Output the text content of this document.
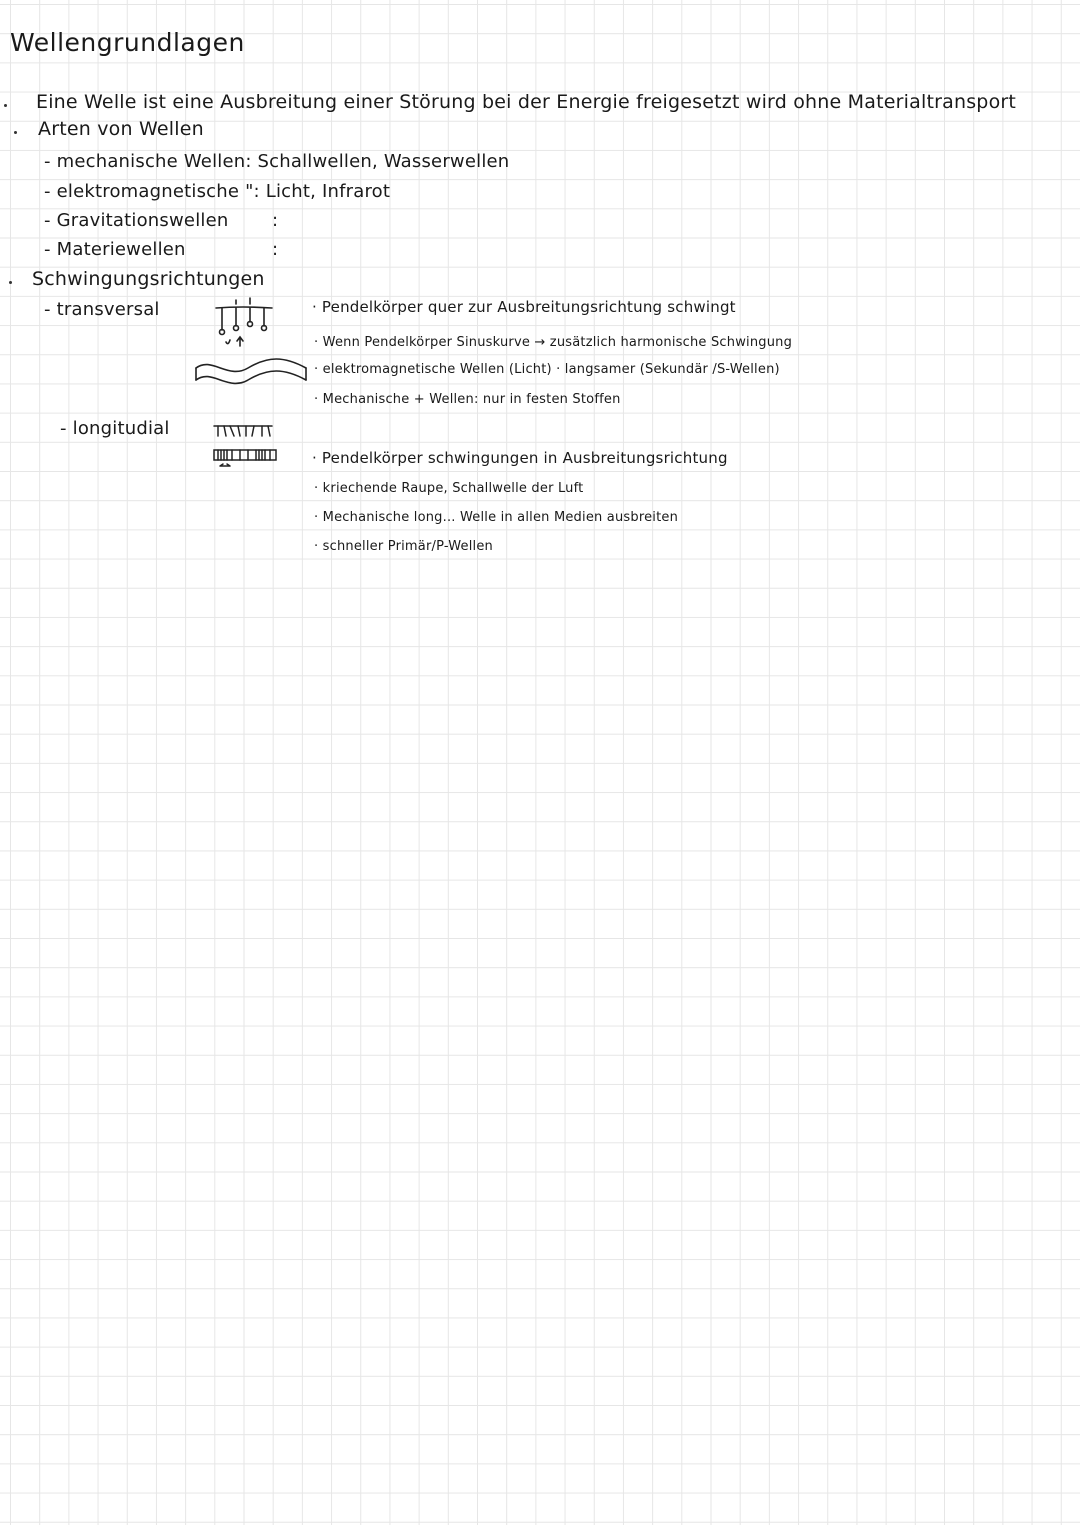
Wellengrundlagen
Eine Welle ist eine Ausbreitung einer Störung bei der Energie freigesetzt wird ohne Materialtransport
Arten von Wellen
- mechanische Wellen: Schallwellen, Wasserwellen
- elektromagnetische ": Licht, Infrarot
- Gravitationswellen :
- Materiewellen	:
Schwingungsrichtungen
- transversal	· Pendelkörper quer zur Ausbreitungsrichtung schwingt
· Wenn Pendelkörper Sinuskurve → zusätzlich harmonische Schwingung
· elektromagnetische Wellen (Licht) · langsamer (Sekundär /S-Wellen)
· Mechanische + Wellen: nur in festen Stoffen
- longitudial
· Pendelkörper schwingungen in Ausbreitungsrichtung
· kriechende Raupe, Schallwelle der Luft
· Mechanische long... Welle in allen Medien ausbreiten
· schneller Primär/P-Wellen
